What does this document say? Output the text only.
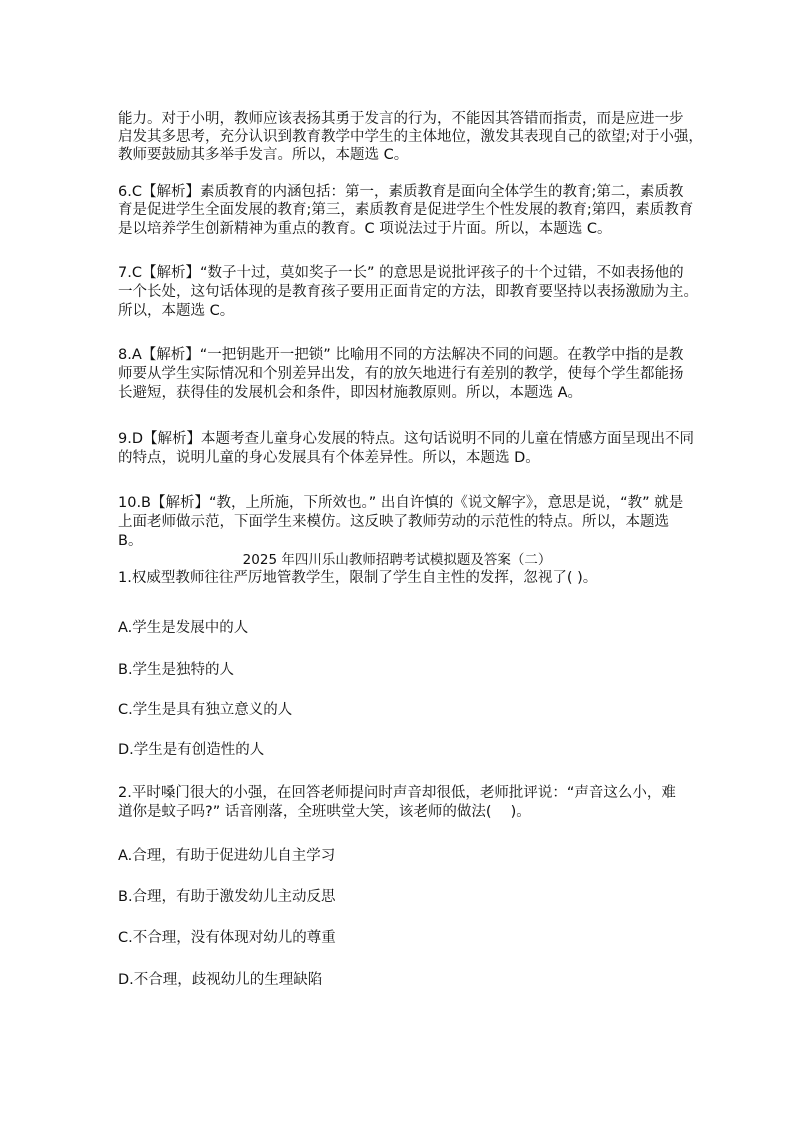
能力。对于小明，教师应该表扬其勇于发言的行为，不能因其答错而指责，而是应进一步
启发其多思考，充分认识到教育教学中学生的主体地位，激发其表现自己的欲望;对于小强，
教师要鼓励其多举手发言。所以，本题选 C。
6.C【解析】素质教育的内涵包括：第一，素质教育是面向全体学生的教育;第二，素质教
育是促进学生全面发展的教育;第三，素质教育是促进学生个性发展的教育;第四，素质教育
是以培养学生创新精神为重点的教育。C 项说法过于片面。所以，本题选 C。
7.C【解析】“数子十过，莫如奖子一长” 的意思是说批评孩子的十个过错，不如表扬他的
一个长处，这句话体现的是教育孩子要用正面肯定的方法，即教育要坚持以表扬激励为主。
所以，本题选 C。
8.A【解析】“一把钥匙开一把锁” 比喻用不同的方法解决不同的问题。在教学中指的是教
师要从学生实际情况和个别差异出发，有的放矢地进行有差别的教学，使每个学生都能扬
长避短，获得佳的发展机会和条件，即因材施教原则。所以，本题选 A。
9.D【解析】本题考查儿童身心发展的特点。这句话说明不同的儿童在情感方面呈现出不同
的特点，说明儿童的身心发展具有个体差异性。所以，本题选 D。
10.B【解析】“教，上所施，下所效也。” 出自许慎的《说文解字》，意思是说，“教” 就是
上面老师做示范，下面学生来模仿。这反映了教师劳动的示范性的特点。所以，本题选
B。
2025 年四川乐山教师招聘考试模拟题及答案（二）
1.权威型教师往往严厉地管教学生，限制了学生自主性的发挥，忽视了( )。
A.学生是发展中的人
B.学生是独特的人
C.学生是具有独立意义的人
D.学生是有创造性的人
2.平时嗓门很大的小强，在回答老师提问时声音却很低，老师批评说：“声音这么小，难
道你是蚊子吗?” 话音刚落，全班哄堂大笑，该老师的做法(　 )。
A.合理，有助于促进幼儿自主学习
B.合理，有助于激发幼儿主动反思
C.不合理，没有体现对幼儿的尊重
D.不合理，歧视幼儿的生理缺陷
